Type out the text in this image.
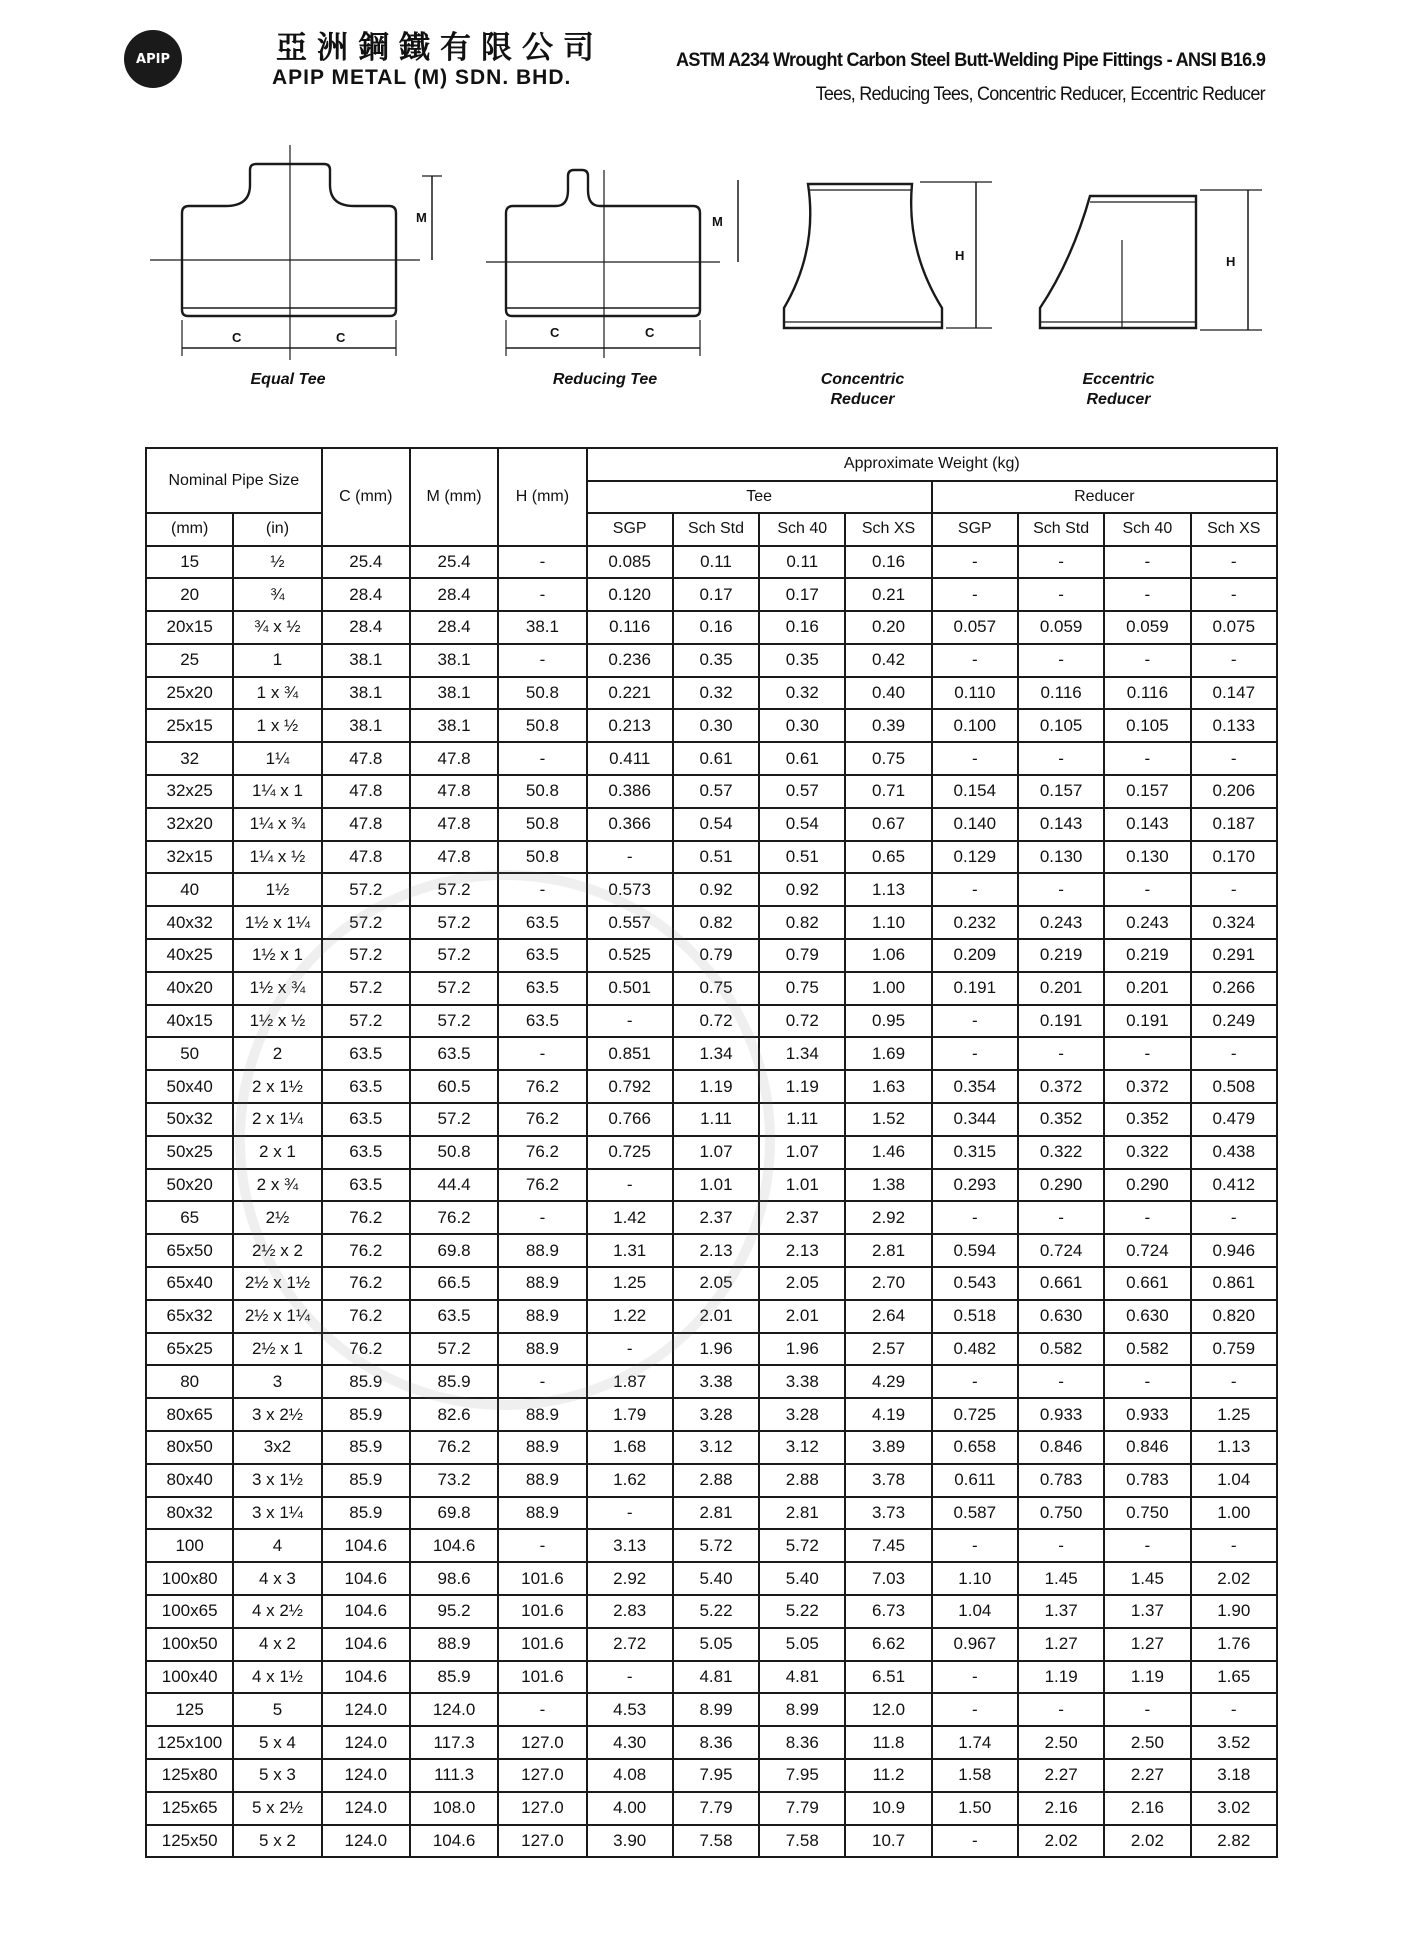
APIP	亞洲鋼鐵有限公司
APIP METAL (M) SDN. BHD.
ASTM A234 Wrought Carbon Steel Butt-Welding Pipe Fittings - ANSI B16.9
Tees, Reducing Tees, Concentric Reducer, Eccentric Reducer
C	C
M
C	C
M
H	H
Equal Tee	Reducing Tee	Concentric
Reducer
Eccentric
Reducer
Nominal Pipe Size		C (mm)	M (mm)	H (mm)	Approximate Weight (kg)							
					Tee				Reducer			
(mm)	(in)				SGP	Sch Std	Sch 40	Sch XS	SGP	Sch Std	Sch 40	Sch XS
15	½	25.4	25.4	-	0.085	0.11	0.11	0.16	-	-	-	-
20	¾	28.4	28.4	-	0.120	0.17	0.17	0.21	-	-	-	-
20x15	¾ x ½	28.4	28.4	38.1	0.116	0.16	0.16	0.20	0.057	0.059	0.059	0.075
25	1	38.1	38.1	-	0.236	0.35	0.35	0.42	-	-	-	-
25x20	1 x ¾	38.1	38.1	50.8	0.221	0.32	0.32	0.40	0.110	0.116	0.116	0.147
25x15	1 x ½	38.1	38.1	50.8	0.213	0.30	0.30	0.39	0.100	0.105	0.105	0.133
32	1¼	47.8	47.8	-	0.411	0.61	0.61	0.75	-	-	-	-
32x25	1¼ x 1	47.8	47.8	50.8	0.386	0.57	0.57	0.71	0.154	0.157	0.157	0.206
32x20	1¼ x ¾	47.8	47.8	50.8	0.366	0.54	0.54	0.67	0.140	0.143	0.143	0.187
32x15	1¼ x ½	47.8	47.8	50.8	-	0.51	0.51	0.65	0.129	0.130	0.130	0.170
40	1½	57.2	57.2	-	0.573	0.92	0.92	1.13	-	-	-	-
40x32	1½ x 1¼	57.2	57.2	63.5	0.557	0.82	0.82	1.10	0.232	0.243	0.243	0.324
40x25	1½ x 1	57.2	57.2	63.5	0.525	0.79	0.79	1.06	0.209	0.219	0.219	0.291
40x20	1½ x ¾	57.2	57.2	63.5	0.501	0.75	0.75	1.00	0.191	0.201	0.201	0.266
40x15	1½ x ½	57.2	57.2	63.5	-	0.72	0.72	0.95	-	0.191	0.191	0.249
50	2	63.5	63.5	-	0.851	1.34	1.34	1.69	-	-	-	-
50x40	2 x 1½	63.5	60.5	76.2	0.792	1.19	1.19	1.63	0.354	0.372	0.372	0.508
50x32	2 x 1¼	63.5	57.2	76.2	0.766	1.11	1.11	1.52	0.344	0.352	0.352	0.479
50x25	2 x 1	63.5	50.8	76.2	0.725	1.07	1.07	1.46	0.315	0.322	0.322	0.438
50x20	2 x ¾	63.5	44.4	76.2	-	1.01	1.01	1.38	0.293	0.290	0.290	0.412
65	2½	76.2	76.2	-	1.42	2.37	2.37	2.92	-	-	-	-
65x50	2½ x 2	76.2	69.8	88.9	1.31	2.13	2.13	2.81	0.594	0.724	0.724	0.946
65x40	2½ x 1½	76.2	66.5	88.9	1.25	2.05	2.05	2.70	0.543	0.661	0.661	0.861
65x32	2½ x 1¼	76.2	63.5	88.9	1.22	2.01	2.01	2.64	0.518	0.630	0.630	0.820
65x25	2½ x 1	76.2	57.2	88.9	-	1.96	1.96	2.57	0.482	0.582	0.582	0.759
80	3	85.9	85.9	-	1.87	3.38	3.38	4.29	-	-	-	-
80x65	3 x 2½	85.9	82.6	88.9	1.79	3.28	3.28	4.19	0.725	0.933	0.933	1.25
80x50	3x2	85.9	76.2	88.9	1.68	3.12	3.12	3.89	0.658	0.846	0.846	1.13
80x40	3 x 1½	85.9	73.2	88.9	1.62	2.88	2.88	3.78	0.611	0.783	0.783	1.04
80x32	3 x 1¼	85.9	69.8	88.9	-	2.81	2.81	3.73	0.587	0.750	0.750	1.00
100	4	104.6	104.6	-	3.13	5.72	5.72	7.45	-	-	-	-
100x80	4 x 3	104.6	98.6	101.6	2.92	5.40	5.40	7.03	1.10	1.45	1.45	2.02
100x65	4 x 2½	104.6	95.2	101.6	2.83	5.22	5.22	6.73	1.04	1.37	1.37	1.90
100x50	4 x 2	104.6	88.9	101.6	2.72	5.05	5.05	6.62	0.967	1.27	1.27	1.76
100x40	4 x 1½	104.6	85.9	101.6	-	4.81	4.81	6.51	-	1.19	1.19	1.65
125	5	124.0	124.0	-	4.53	8.99	8.99	12.0	-	-	-	-
125x100	5 x 4	124.0	117.3	127.0	4.30	8.36	8.36	11.8	1.74	2.50	2.50	3.52
125x80	5 x 3	124.0	111.3	127.0	4.08	7.95	7.95	11.2	1.58	2.27	2.27	3.18
125x65	5 x 2½	124.0	108.0	127.0	4.00	7.79	7.79	10.9	1.50	2.16	2.16	3.02
125x50	5 x 2	124.0	104.6	127.0	3.90	7.58	7.58	10.7	-	2.02	2.02	2.82
